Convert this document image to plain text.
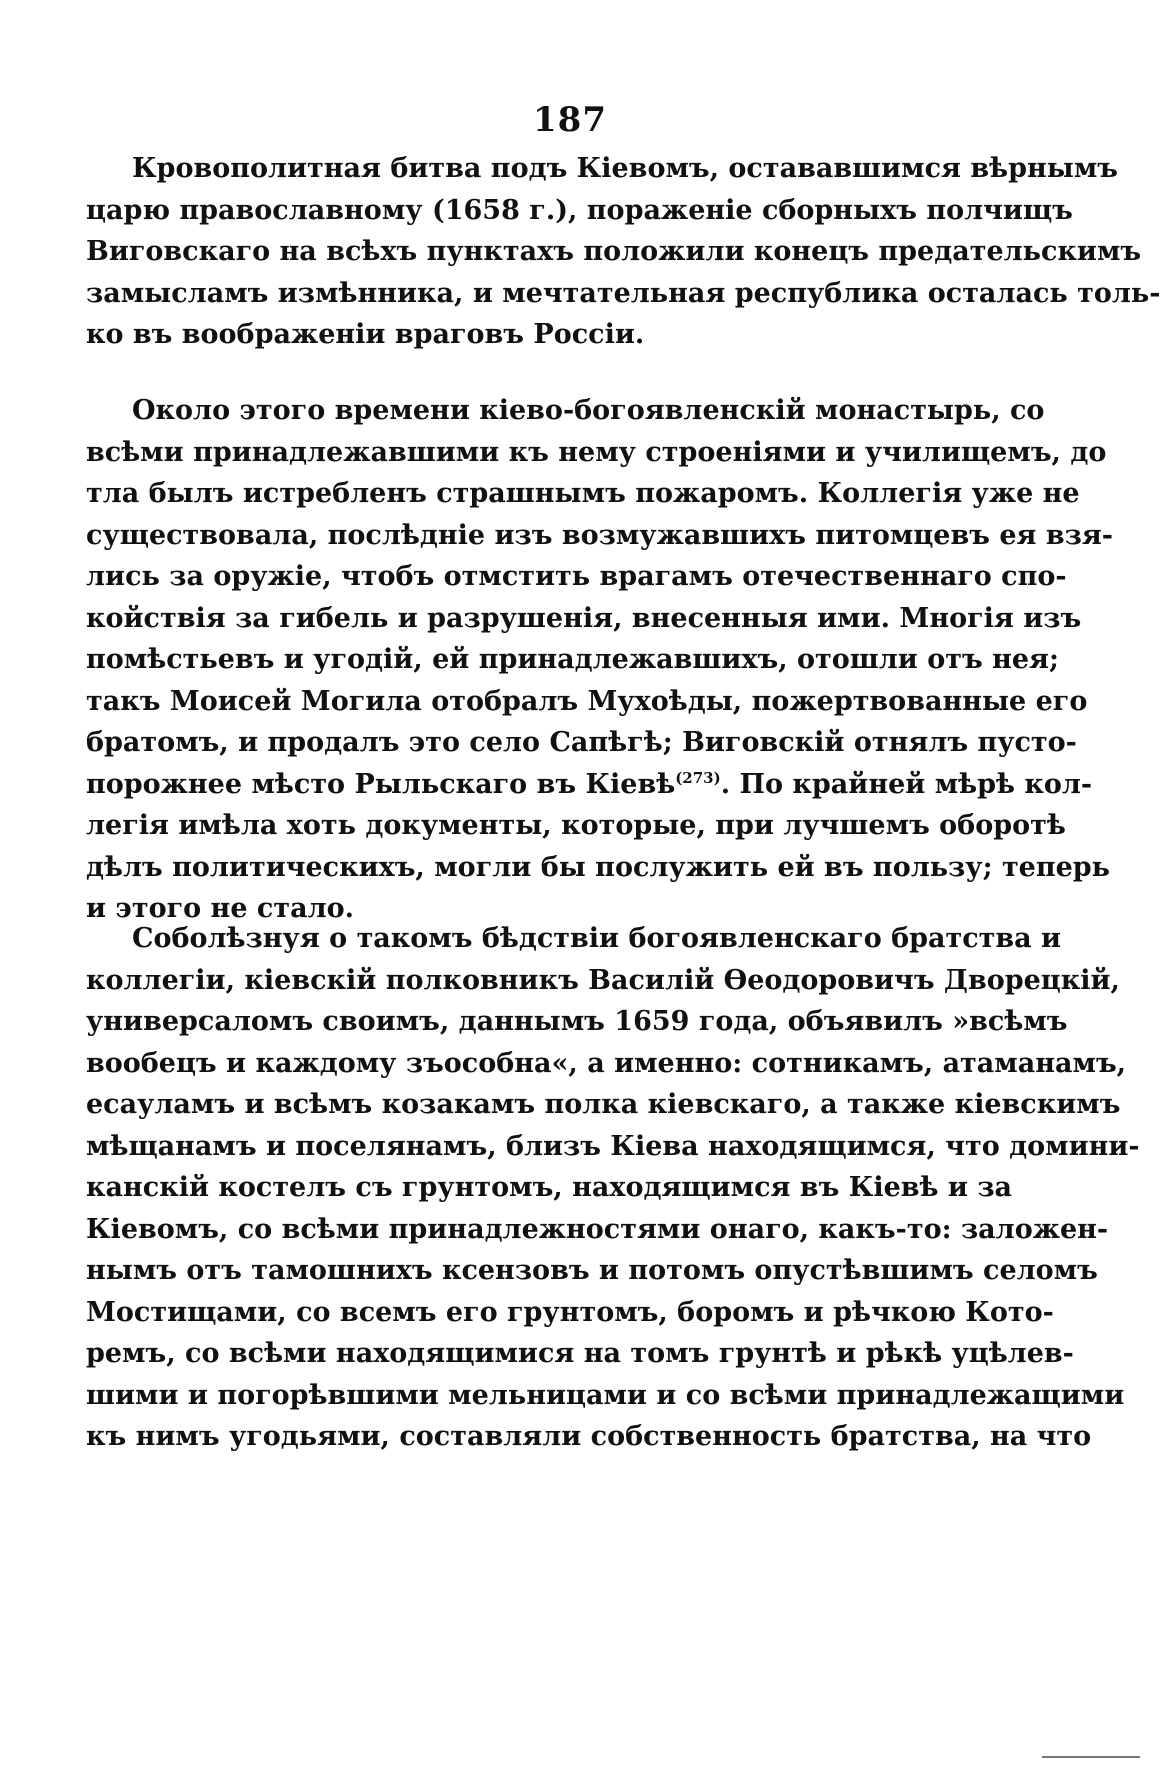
187
Кровополитная битва подъ Кіевомъ, остававшимся вѣрнымъ
царю православному (1658 г.), пораженіе сборныхъ полчищъ
Виговскаго на всѣхъ пунктахъ положили конецъ предательскимъ
замысламъ измѣнника, и мечтательная республика осталась толь-
ко въ воображеніи враговъ Россіи.
Около этого времени кіево-богоявленскій монастырь, со
всѣми принадлежавшими къ нему строеніями и училищемъ, до
тла былъ истребленъ страшнымъ пожаромъ. Коллегія уже не
существовала, послѣдніе изъ возмужавшихъ питомцевъ ея взя-
лись за оружіе, чтобъ отмстить врагамъ отечественнаго спо-
койствія за гибель и разрушенія, внесенныя ими. Многія изъ
помѣстьевъ и угодій, ей принадлежавшихъ, отошли отъ нея;
такъ Моисей Могила отобралъ Мухоѣды, пожертвованные его
братомъ, и продалъ это село Сапѣгѣ; Виговскій отнялъ пусто-
порожнее мѣсто Рыльскаго въ Кіевѣ$^{(273)}$. По крайней мѣрѣ кол-
легія имѣла хоть документы, которые, при лучшемъ оборотѣ
дѣлъ политическихъ, могли бы послужить ей въ пользу; теперь
и этого не стало.
Соболѣзнуя о такомъ бѣдствіи богоявленскаго братства и
коллегіи, кіевскій полковникъ Василій Ѳеодоровичъ Дворецкій,
универсаломъ своимъ, даннымъ 1659 года, объявилъ »всѣмъ
вообецъ и каждому зъособна«, а именно: сотникамъ, атаманамъ,
есауламъ и всѣмъ козакамъ полка кіевскаго, а также кіевскимъ
мѣщанамъ и поселянамъ, близъ Кіева находящимся, что домини-
канскій костелъ съ грунтомъ, находящимся въ Кіевѣ и за
Кіевомъ, со всѣми принадлежностями онаго, какъ-то: заложен-
нымъ отъ тамошнихъ ксензовъ и потомъ опустѣвшимъ селомъ
Мостищами, со всемъ его грунтомъ, боромъ и рѣчкою Кото-
ремъ, со всѣми находящимися на томъ грунтѣ и рѣкѣ уцѣлев-
шими и погорѣвшими мельницами и со всѣми принадлежащими
къ нимъ угодьями, составляли собственность братства, на что
